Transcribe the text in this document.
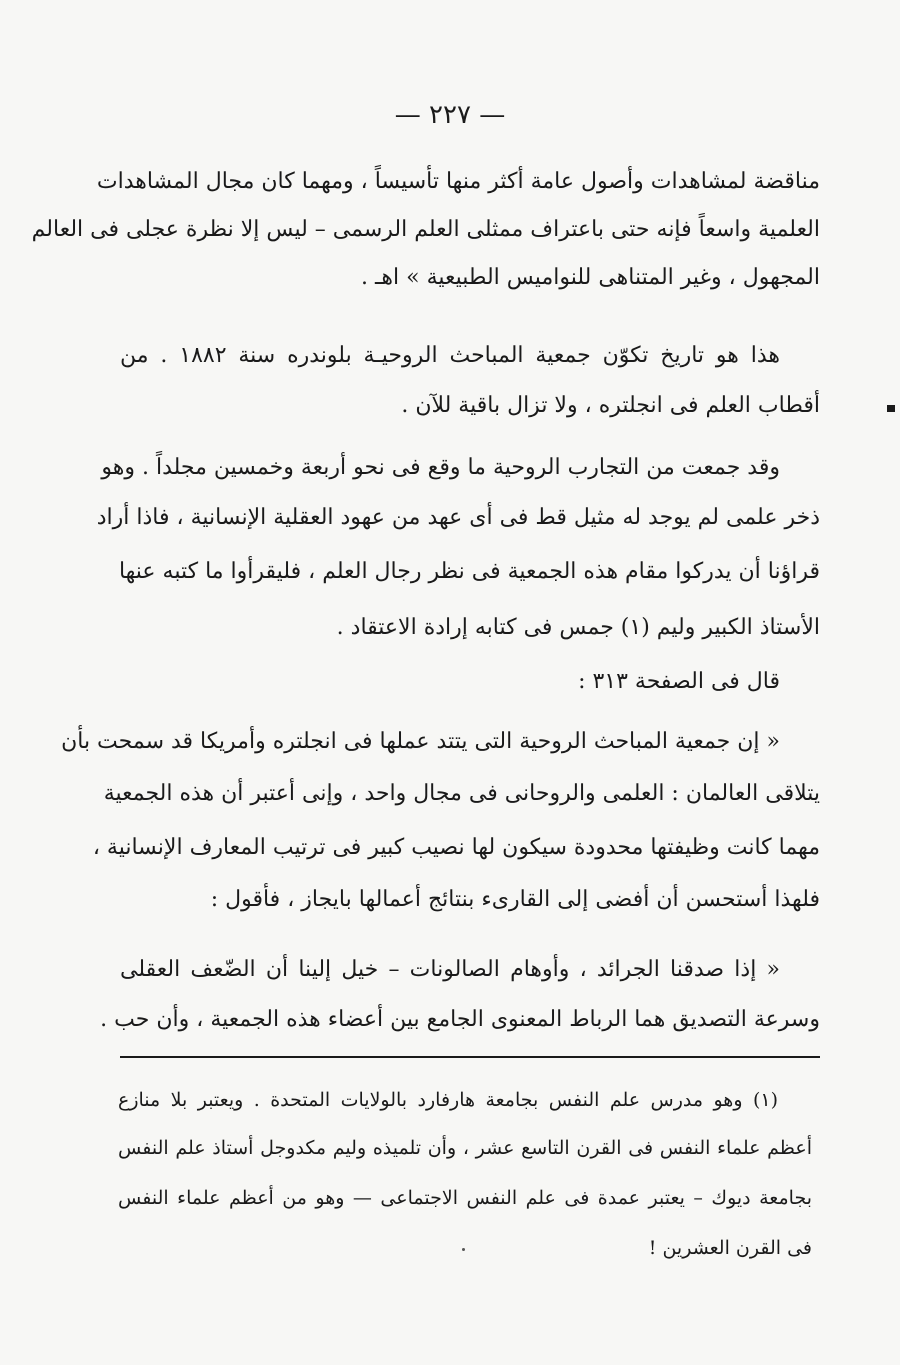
— ٢٢٧ —
مناقضة لمشاهدات وأصول عامة أكثر منها تأسيساً ، ومهما كان مجال المشاهدات
العلمية واسعاً فإنه حتى باعتراف ممثلى العلم الرسمى – ليس إلا نظرة عجلى فى العالم
المجهول ، وغير المتناهى للنواميس الطبيعية » اهـ .
هذا هو تاريخ تكوّن جمعية المباحث الروحيـة بلوندره سنة ١٨٨٢ . من
أقطاب العلم فى انجلتره ، ولا تزال باقية للآن .
وقد جمعت من التجارب الروحية ما وقع فى نحو أربعة وخمسين مجلداً . وهو
ذخر علمى لم يوجد له مثيل قط فى أى عهد من عهود العقلية الإنسانية ، فاذا أراد
قراؤنا أن يدركوا مقام هذه الجمعية فى نظر رجال العلم ، فليقرأوا ما كتبه عنها
الأستاذ الكبير وليم (١) جمس فى كتابه إرادة الاعتقاد .
قال فى الصفحة ٣١٣ :
« إن جمعية المباحث الروحية التى يتتد عملها فى انجلتره وأمريكا قد سمحت بأن
يتلاقى العالمان : العلمى والروحانى فى مجال واحد ، وإنى أعتبر أن هذه الجمعية
مهما كانت وظيفتها محدودة سيكون لها نصيب كبير فى ترتيب المعارف الإنسانية ،
فلهذا أستحسن أن أفضى إلى القارىء بنتائج أعمالها بايجاز ، فأقول :
« إذا صدقنا الجرائد ، وأوهام الصالونات – خيل إلينا أن الضّعف العقلى
وسرعة التصديق هما الرباط المعنوى الجامع بين أعضاء هذه الجمعية ، وأن حب .
(١) وهو مدرس علم النفس بجامعة هارفارد بالولايات المتحدة . ويعتبر بلا منازع
أعظم علماء النفس فى القرن التاسع عشر ، وأن تلميذه وليم مكدوجل أستاذ علم النفس
بجامعة ديوك – يعتبر عمدة فى علم النفس الاجتماعى — وهو من أعظم علماء النفس
فى القرن العشرين !
